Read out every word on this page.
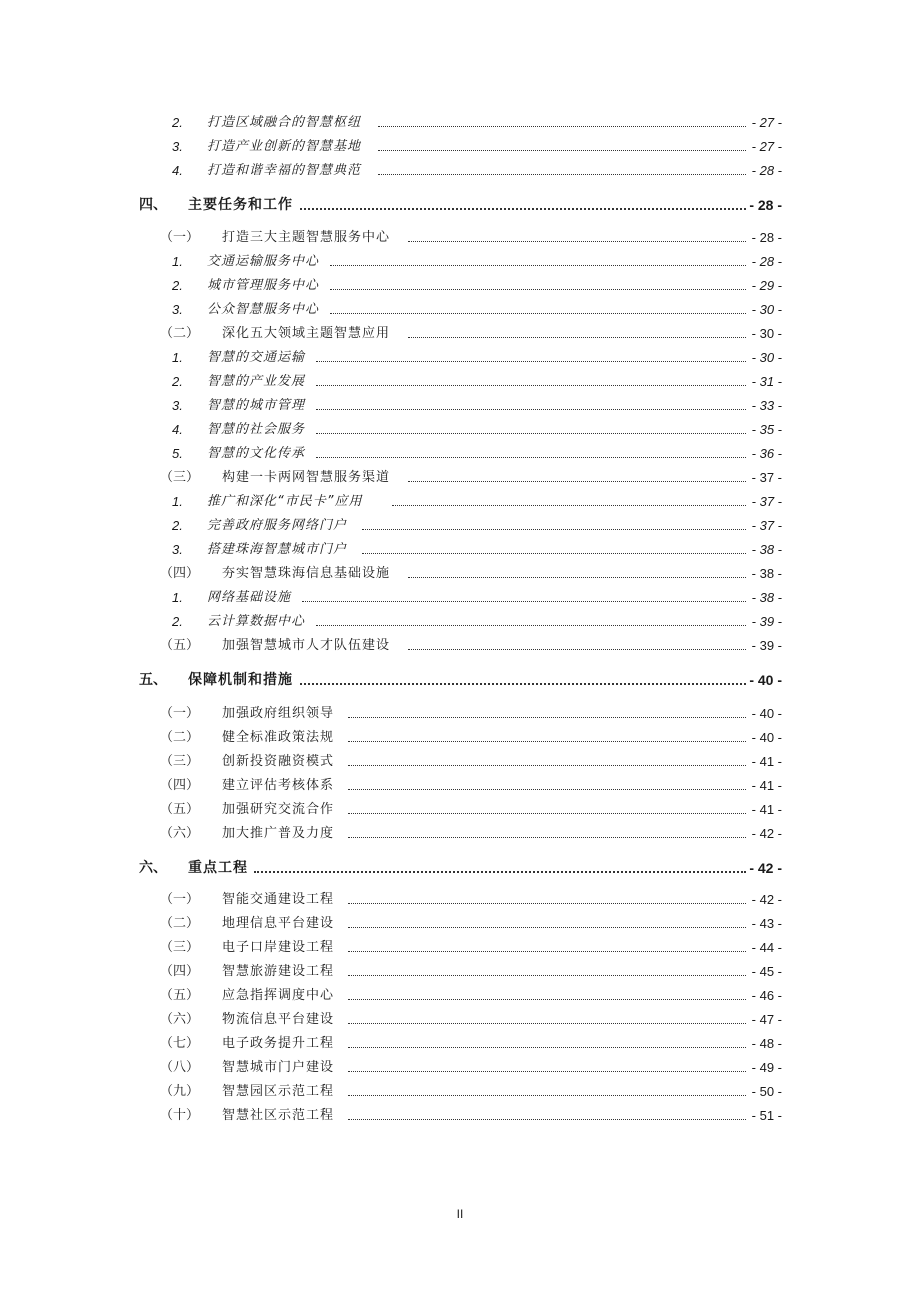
2. 打造区域融合的智慧枢纽	- 27 -
3. 打造产业创新的智慧基地	- 27 -
4. 打造和谐幸福的智慧典范	- 28 -
四、 主要任务和工作	- 28 -
（一） 打造三大主题智慧服务中心	- 28 -
1. 交通运输服务中心	- 28 -
2. 城市管理服务中心	- 29 -
3. 公众智慧服务中心	- 30 -
（二） 深化五大领域主题智慧应用	- 30 -
1. 智慧的交通运输	- 30 -
2. 智慧的产业发展	- 31 -
3. 智慧的城市管理	- 33 -
4. 智慧的社会服务	- 35 -
5. 智慧的文化传承	- 36 -
（三） 构建一卡两网智慧服务渠道	- 37 -
1. 推广和深化“市民卡”应用	- 37 -
2. 完善政府服务网络门户	- 37 -
3. 搭建珠海智慧城市门户	- 38 -
（四） 夯实智慧珠海信息基础设施	- 38 -
1. 网络基础设施	- 38 -
2. 云计算数据中心	- 39 -
（五） 加强智慧城市人才队伍建设	- 39 -
五、 保障机制和措施	- 40 -
（一） 加强政府组织领导	- 40 -
（二） 健全标准政策法规	- 40 -
（三） 创新投资融资模式	- 41 -
（四） 建立评估考核体系	- 41 -
（五） 加强研究交流合作	- 41 -
（六） 加大推广普及力度	- 42 -
六、 重点工程	- 42 -
（一） 智能交通建设工程	- 42 -
（二） 地理信息平台建设	- 43 -
（三） 电子口岸建设工程	- 44 -
（四） 智慧旅游建设工程	- 45 -
（五） 应急指挥调度中心	- 46 -
（六） 物流信息平台建设	- 47 -
（七） 电子政务提升工程	- 48 -
（八） 智慧城市门户建设	- 49 -
（九） 智慧园区示范工程	- 50 -
（十） 智慧社区示范工程	- 51 -
II
